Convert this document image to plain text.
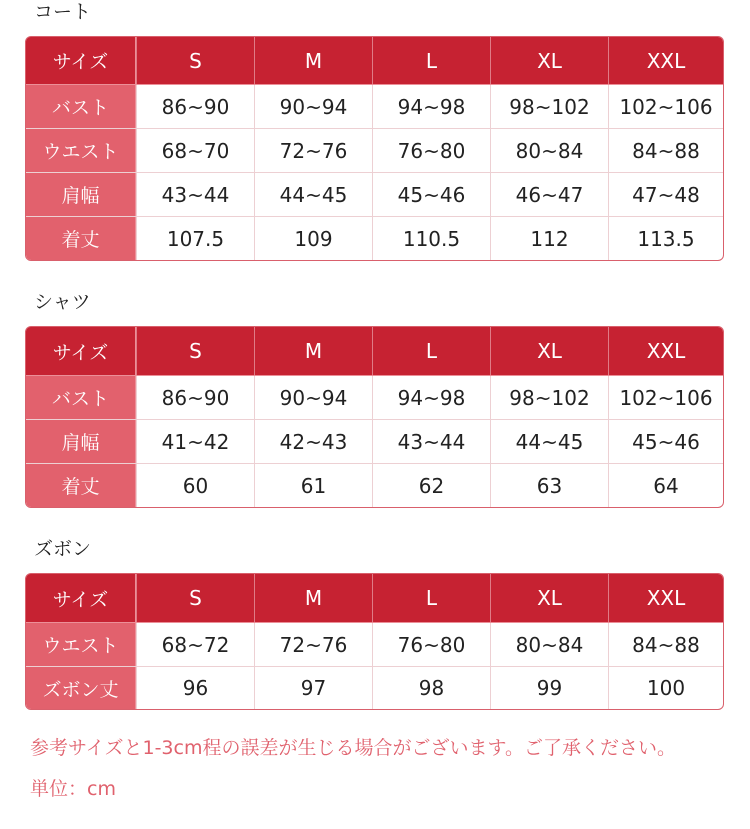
コート
サイズ	S	M	L	XL	XXL
バスト	86~90	90~94	94~98	98~102	102~106
ウエスト	68~70	72~76	76~80	80~84	84~88
肩幅	43~44	44~45	45~46	46~47	47~48
着丈	107.5	109	110.5	112	113.5
シャツ
サイズ	S	M	L	XL	XXL
バスト	86~90	90~94	94~98	98~102	102~106
肩幅	41~42	42~43	43~44	44~45	45~46
着丈	60	61	62	63	64
ズボン
サイズ	S	M	L	XL	XXL
ウエスト	68~72	72~76	76~80	80~84	84~88
ズボン丈	96	97	98	99	100
参考サイズと1-3cm程の誤差が生じる場合がございます。ご了承ください。
単位：cm
